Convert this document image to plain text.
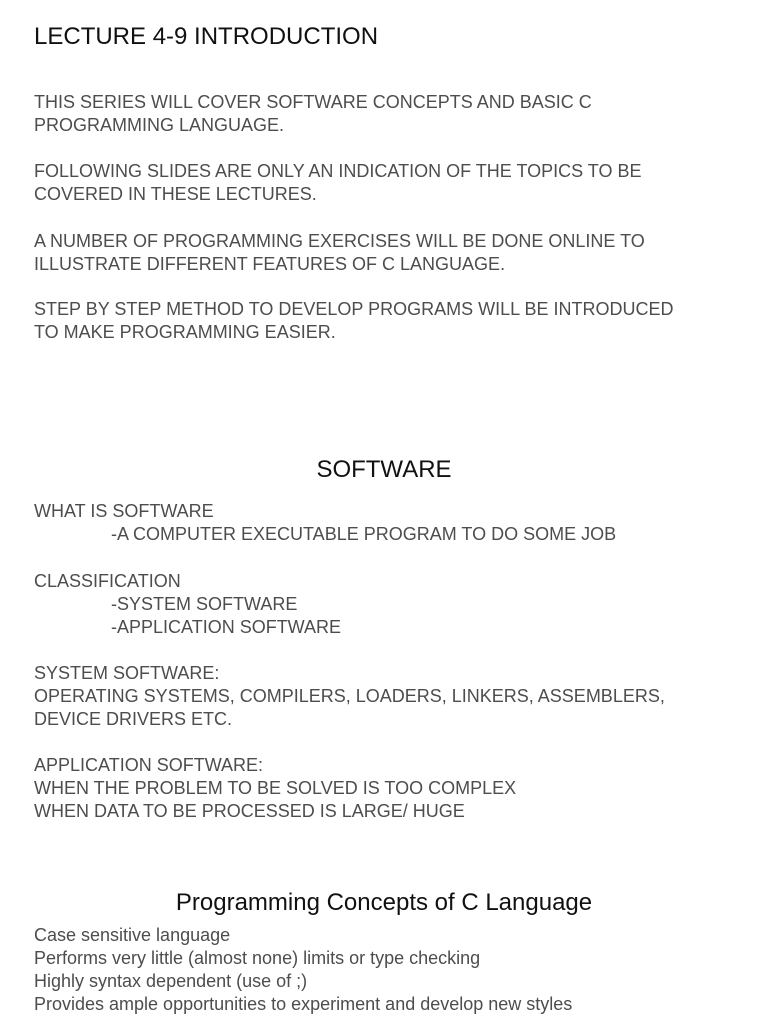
LECTURE 4-9 INTRODUCTION

THIS SERIES WILL COVER SOFTWARE CONCEPTS AND BASIC C
PROGRAMMING LANGUAGE.

FOLLOWING SLIDES ARE ONLY AN INDICATION OF THE TOPICS TO BE
COVERED IN THESE LECTURES.

A NUMBER OF PROGRAMMING EXERCISES WILL BE DONE ONLINE TO
ILLUSTRATE DIFFERENT FEATURES OF C LANGUAGE.

STEP BY STEP METHOD TO DEVELOP PROGRAMS WILL BE INTRODUCED
TO MAKE PROGRAMMING EASIER.

SOFTWARE

WHAT IS SOFTWARE
-A COMPUTER EXECUTABLE PROGRAM TO DO SOME JOB

CLASSIFICATION
-SYSTEM SOFTWARE
-APPLICATION SOFTWARE

SYSTEM SOFTWARE:
OPERATING SYSTEMS, COMPILERS, LOADERS, LINKERS, ASSEMBLERS,
DEVICE DRIVERS ETC.

APPLICATION SOFTWARE:
WHEN THE PROBLEM TO BE SOLVED IS TOO COMPLEX
WHEN DATA TO BE PROCESSED IS LARGE/ HUGE

Programming Concepts of C Language

Case sensitive language
Performs very little (almost none) limits or type checking
Highly syntax dependent (use of ;)
Provides ample opportunities to experiment and develop new styles
